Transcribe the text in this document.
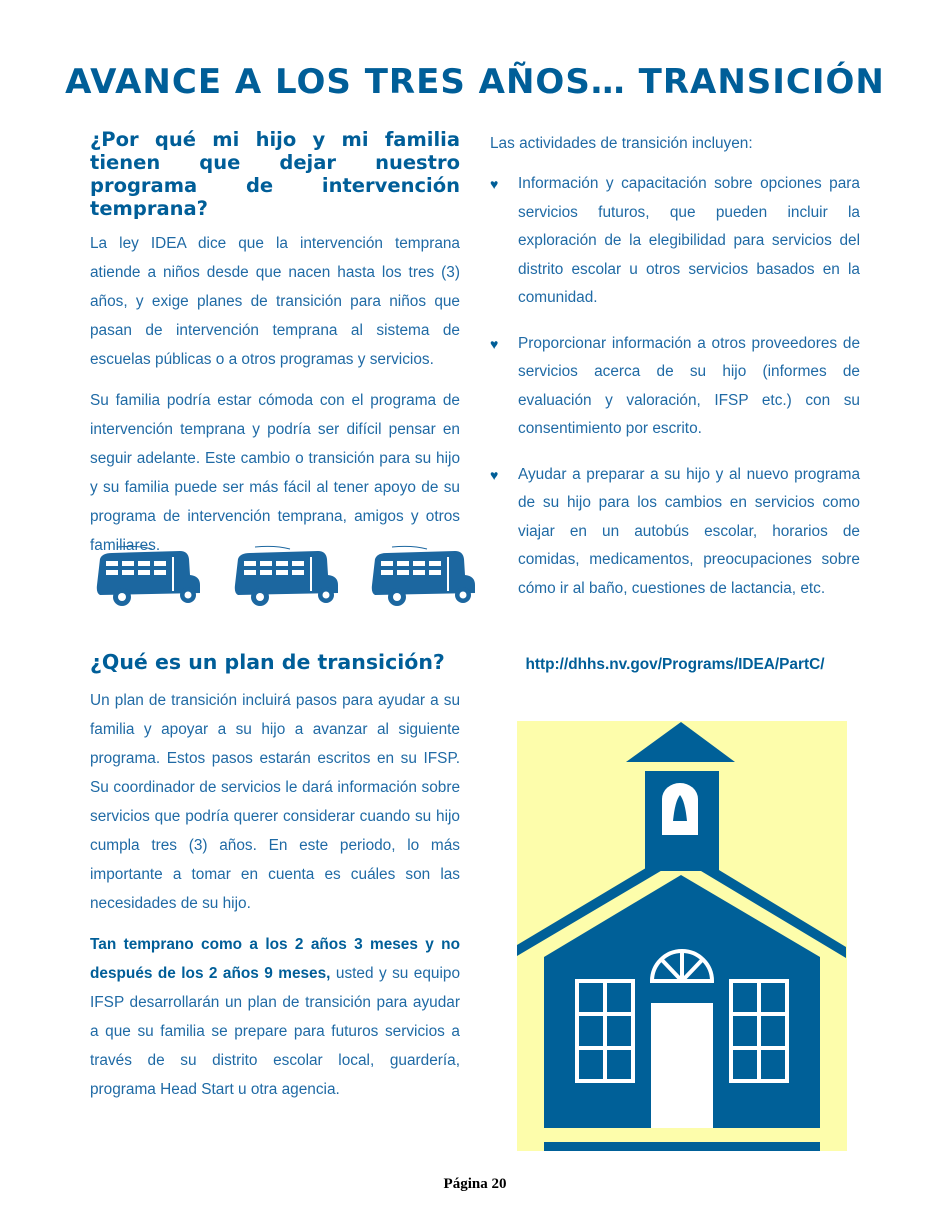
AVANCE A LOS TRES AÑOS… TRANSICIÓN
¿Por qué mi hijo y mi familia tienen que dejar nuestro programa de intervención temprana?

La ley IDEA dice que la intervención temprana atiende a niños desde que nacen hasta los tres (3) años, y exige planes de transición para niños que pasan de intervención temprana al sistema de escuelas públicas o a otros programas y servicios.

Su familia podría estar cómoda con el programa de intervención temprana y podría ser difícil pensar en seguir adelante. Este cambio o transición para su hijo y su familia puede ser más fácil al tener apoyo de su programa de intervención temprana, amigos y otros familiares.

¿Qué es un plan de transición?

Un plan de transición incluirá pasos para ayudar a su familia y apoyar a su hijo a avanzar al siguiente programa. Estos pasos estarán escritos en su IFSP. Su coordinador de servicios le dará información sobre servicios que podría querer considerar cuando su hijo cumpla tres (3) años. En este periodo, lo más importante a tomar en cuenta es cuáles son las necesidades de su hijo.

Tan temprano como a los 2 años 3 meses y no después de los 2 años 9 meses, usted y su equipo IFSP desarrollarán un plan de transición para ayudar a que su familia se prepare para futuros servicios a través de su distrito escolar local, guardería, programa Head Start u otra agencia.

Las actividades de transición incluyen:

♥ Información y capacitación sobre opciones para servicios futuros, que pueden incluir la exploración de la elegibilidad para servicios del distrito escolar u otros servicios basados en la comunidad.
♥ Proporcionar información a otros proveedores de servicios acerca de su hijo (informes de evaluación y valoración, IFSP etc.) con su consentimiento por escrito.
♥ Ayudar a preparar a su hijo y al nuevo programa de su hijo para los cambios en servicios como viajar en un autobús escolar, horarios de comidas, medicamentos, preocupaciones sobre cómo ir al baño, cuestiones de lactancia, etc.
http://dhhs.nv.gov/Programs/IDEA/PartC/
Página 20
